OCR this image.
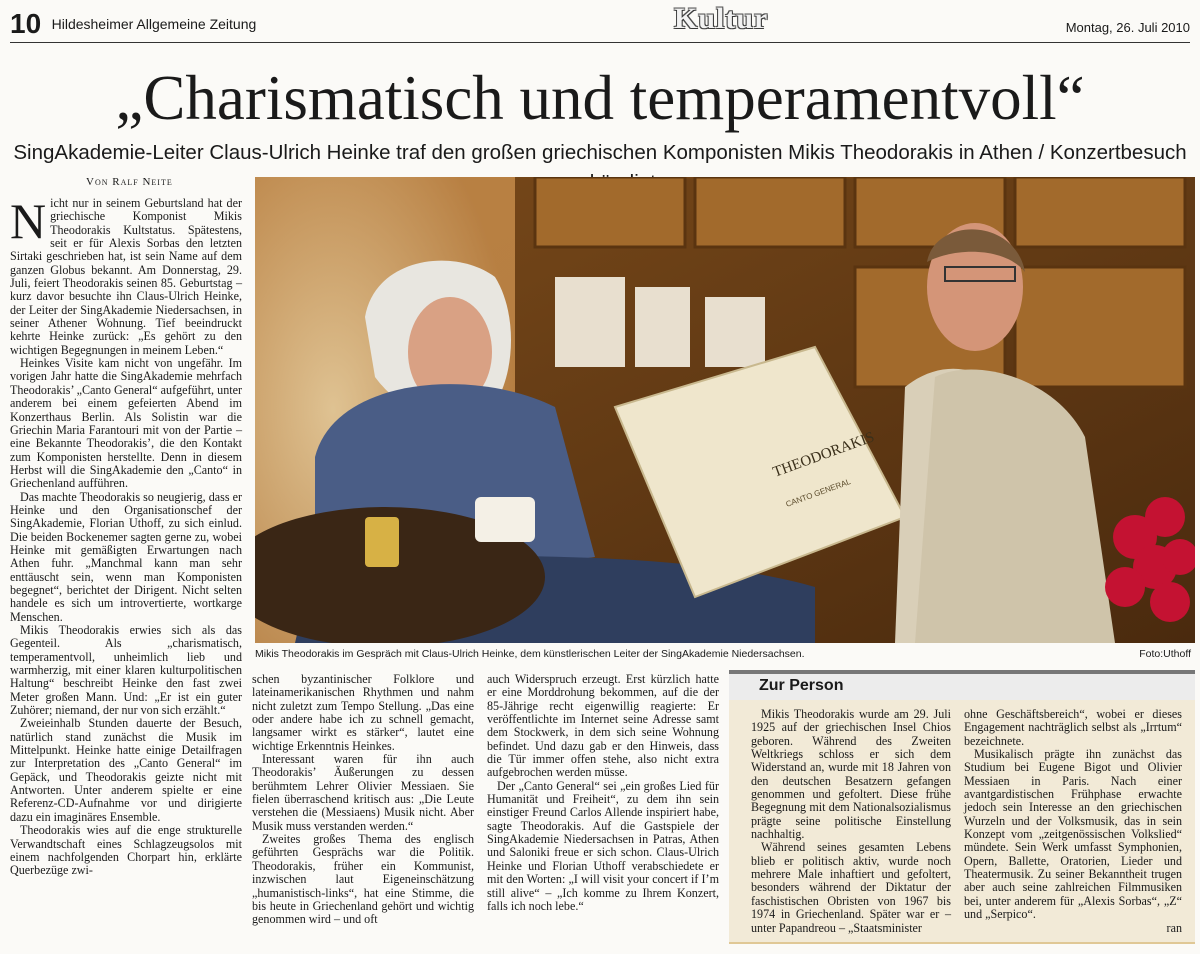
10 Hildesheimer Allgemeine Zeitung	Kultur	Montag, 26. Juli 2010
„Charismatisch und temperamentvoll“
SingAkademie-Leiter Claus-Ulrich Heinke traf den großen griechischen Komponisten Mikis Theodorakis in Athen / Konzertbesuch
Von Ralf Neite

Nicht nur in seinem Geburtsland hat der griechische Komponist Mikis Theodorakis Kultstatus. Spätestens, seit er für Alexis Sorbas den letzten Sirtaki geschrieben hat, ist sein Name auf dem ganzen Globus bekannt. Am Donnerstag, 29. Juli, feiert Theodorakis seinen 85. Geburtstag – kurz davor besuchte ihn Claus-Ulrich Heinke, der Leiter der SingAkademie Niedersachsen, in seiner Athener Wohnung. Tief beeindruckt kehrte Heinke zurück: „Es gehört zu den wichtigen Begegnungen in meinem Leben.“

Heinkes Visite kam nicht von ungefähr. Im vorigen Jahr hatte die SingAkademie mehrfach Theodorakis’ „Canto General“ aufgeführt, unter anderem bei einem gefeierten Abend im Konzerthaus Berlin. Als Solistin war die Griechin Maria Farantouri mit von der Partie – eine Bekannte Theodorakis’, die den Kontakt zum Komponisten herstellte. Denn in diesem Herbst will die SingAkademie den „Canto“ in Griechenland aufführen.

Das machte Theodorakis so neugierig, dass er Heinke und den Organisationschef der SingAkademie, Florian Uthoff, zu sich einlud. Die beiden Bockenemer sagten gerne zu, wobei Heinke mit gemäßigten Erwartungen nach Athen fuhr. „Manchmal kann man sehr enttäuscht sein, wenn man Komponisten begegnet“, berichtet der Dirigent. Nicht selten handele es sich um introvertierte, wortkarge Menschen.

Mikis Theodorakis erwies sich als das Gegenteil. Als „charismatisch, temperamentvoll, unheimlich lieb und warmherzig, mit einer klaren kulturpolitischen Haltung“ beschreibt Heinke den fast zwei Meter großen Mann. Und: „Er ist ein guter Zuhörer; niemand, der nur von sich erzählt.“

Zweieinhalb Stunden dauerte der Besuch, natürlich stand zunächst die Musik im Mittelpunkt. Heinke hatte einige Detailfragen zur Interpretation des „Canto General“ im Gepäck, und Theodorakis geizte nicht mit Antworten. Unter anderem spielte er eine Referenz-CD-Aufnahme vor und dirigierte dazu ein imaginäres Ensemble.

Theodorakis wies auf die enge strukturelle Verwandtschaft eines Schlagzeugsolos mit einem nachfolgenden Chorpart hin, erklärte Querbezüge zwi-

THEODORAKIS
CANTO GENERAL
Mikis Theodorakis im Gespräch mit Claus-Ulrich Heinke, dem künstlerischen Leiter der SingAkademie Niedersachsen.	Foto:Uthoff

schen byzantinischer Folklore und lateinamerikanischen Rhythmen und nahm nicht zuletzt zum Tempo Stellung. „Das eine oder andere habe ich zu schnell gemacht, langsamer wirkt es stärker“, lautet eine wichtige Erkenntnis Heinkes.

Interessant waren für ihn auch Theodorakis’ Äußerungen zu dessen berühmtem Lehrer Olivier Messiaen. Sie fielen überraschend kritisch aus: „Die Leute verstehen die (Messiaens) Musik nicht. Aber Musik muss verstanden werden.“

Zweites großes Thema des englisch geführten Gesprächs war die Politik. Theodorakis, früher ein Kommunist, inzwischen laut Eigeneinschätzung „humanistisch-links“, hat eine Stimme, die bis heute in Griechenland gehört und wichtig genommen wird – und oft

auch Widerspruch erzeugt. Erst kürzlich hatte er eine Morddrohung bekommen, auf die der 85-Jährige recht eigenwillig reagierte: Er veröffentlichte im Internet seine Adresse samt dem Stockwerk, in dem sich seine Wohnung befindet. Und dazu gab er den Hinweis, dass die Tür immer offen stehe, also nicht extra aufgebrochen werden müsse.

Der „Canto General“ sei „ein großes Lied für Humanität und Freiheit“, zu dem ihn sein einstiger Freund Carlos Allende inspiriert habe, sagte Theodorakis. Auf die Gastspiele der SingAkademie Niedersachsen in Patras, Athen und Saloniki freue er sich schon. Claus-Ulrich Heinke und Florian Uthoff verabschiedete er mit den Worten: „I will visit your concert if I’m still alive“ – „Ich komme zu Ihrem Konzert, falls ich noch lebe.“

Zur Person

Mikis Theodorakis wurde am 29. Juli 1925 auf der griechischen Insel Chios geboren. Während des Zweiten Weltkriegs schloss er sich dem Widerstand an, wurde mit 18 Jahren von den deutschen Besatzern gefangen genommen und gefoltert. Diese frühe Begegnung mit dem Nationalsozialismus prägte seine politische Einstellung nachhaltig.

Während seines gesamten Lebens blieb er politisch aktiv, wurde noch mehrere Male inhaftiert und gefoltert, besonders während der Diktatur der faschistischen Obristen von 1967 bis 1974 in Griechenland. Später war er – unter Papandreou – „Staatsminister

ohne Geschäftsbereich“, wobei er dieses Engagement nachträglich selbst als „Irrtum“ bezeichnete.

Musikalisch prägte ihn zunächst das Studium bei Eugene Bigot und Olivier Messiaen in Paris. Nach einer avantgardistischen Frühphase erwachte jedoch sein Interesse an den griechischen Wurzeln und der Volksmusik, das in sein Konzept vom „zeitgenössischen Volkslied“ mündete. Sein Werk umfasst Symphonien, Opern, Ballette, Oratorien, Lieder und Theatermusik. Zu seiner Bekanntheit trugen aber auch seine zahlreichen Filmmusiken bei, unter anderem für „Alexis Sorbas“, „Z“ und „Serpico“.

ran
